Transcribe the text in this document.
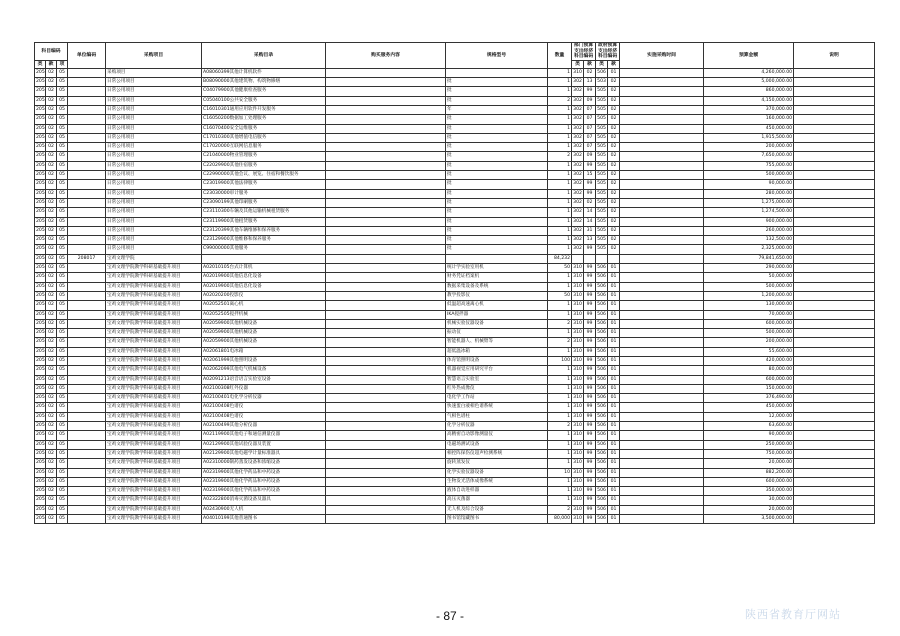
科目编码			单位编码	采购项目	采购目录	购买服务内容	规格型号	数量	部门预算支出经济科目编码		政府预算支出经济科目编码		实施采购时间	预算金额	说明
类	款	项							类	款	类	款			
205	02	05		采购项目	A08060399其他计算机软件			1	310	02	506	01		4,260,000.00	
205	02	05		日常公用项目	B08090000其他建筑物、构筑物修缮		批	1	302	13	503	02		5,000,000.00	
205	02	05		日常公用项目	C04079900其他健康检查服务		批	1	302	99	505	02		860,000.00	
205	02	05		日常公用项目	C05040100公共安全服务		批	2	302	09	505	02		4,150,000.00	
205	02	05		日常公用项目	C16010301通用应用软件开发服务		年	1	302	07	505	02		370,000.00	
205	02	05		日常公用项目	C16050200数据加工处理服务		批	1	302	07	505	02		160,000.00	
205	02	05		日常公用项目	C16070400安全运维服务		批	1	302	07	505	02		450,000.00	
205	02	05		日常公用项目	C17010300其他增值电信服务		批	1	302	07	505	02		1,915,500.00	
205	02	05		日常公用项目	C17020000互联网信息服务		批	1	302	07	505	02		200,000.00	
205	02	05		日常公用项目	C21040000物业管理服务		批	2	302	09	505	02		7,650,000.00	
205	02	05		日常公用项目	C22029900其他住宿服务		批	1	302	99	505	02		755,000.00	
205	02	05		日常公用项目	C22990000其他会议、展览、住宿和餐饮服务		批	1	302	15	505	02		500,000.00	
205	02	05		日常公用项目	C23019900其他法律服务		批	1	302	99	505	02		90,000.00	
205	02	05		日常公用项目	C23030000审计服务		批	1	302	99	505	02		280,000.00	
205	02	05		日常公用项目	C23090199其他印刷服务		批	1	302	02	505	02		1,275,000.00	
205	02	05		日常公用项目	C23110300车辆及其他运输机械租赁服务		批	1	302	14	505	02		1,274,500.00	
205	02	05		日常公用项目	C23119900其他租赁服务		批	1	302	14	505	02		900,000.00	
205	02	05		日常公用项目	C23120399其他车辆维修和保养服务		批	1	302	31	505	02		260,000.00	
205	02	05		日常公用项目	C23129900其他维修和保养服务		批	1	302	13	505	02		132,500.00	
205	02	05		日常公用项目	C99000000其他服务		批	1	302	99	505	02		2,325,000.00	
205	02	05	208017	宝鸡文理学院				84,232						79,841,650.00	
205	02	05		宝鸡文理学院教学科研基础提升项目	A02010105台式计算机		统计学实验室用机	50	310	99	506	01		290,000.00	
205	02	05		宝鸡文理学院教学科研基础提升项目	A02019900其他信息化设备		财务凭证档案机	1	310	99	506	01		50,000.00	
205	02	05		宝鸡文理学院教学科研基础提升项目	A02019900其他信息化设备		数据采集设备及系统	1	310	99	506	01		500,000.00	
205	02	05		宝鸡文理学院教学科研基础提升项目	A02020200投影仪		教学投影仪	50	310	99	506	01		1,200,000.00	
205	02	05		宝鸡文理学院教学科研基础提升项目	A02052501离心机		低温超高速离心机	1	310	99	506	01		130,000.00	
205	02	05		宝鸡文理学院教学科研基础提升项目	A02052505搅拌机械		IKA搅拌器	1	310	99	506	01		70,000.00	
205	02	05		宝鸡文理学院教学科研基础提升项目	A02059900其他机械设备		机械实验仪器设备	2	310	99	506	01		600,000.00	
205	02	05		宝鸡文理学院教学科研基础提升项目	A02059900其他机械设备		振动仪	1	310	99	506	01		500,000.00	
205	02	05		宝鸡文理学院教学科研基础提升项目	A02059900其他机械设备		智能机器人、机械臂等	2	310	99	506	01		200,000.00	
205	02	05		宝鸡文理学院教学科研基础提升项目	A02061801电冰箱		超低温冰箱	1	310	99	506	01		55,600.00	
205	02	05		宝鸡文理学院教学科研基础提升项目	A02061999其他照明设备		体育馆照明设备	100	310	99	506	01		420,000.00	
205	02	05		宝鸡文理学院教学科研基础提升项目	A02062099其他电气机械设备		机器视觉应用研究平台	1	310	99	506	01		80,000.00	
205	02	05		宝鸡文理学院教学科研基础提升项目	A02091213语音语言实验室设备		智慧语言实验室	1	310	99	506	01		600,000.00	
205	02	05		宝鸡文理学院教学科研基础提升项目	A02100308红外仪器		红外热成像仪	1	310	99	506	01		150,000.00	
205	02	05		宝鸡文理学院教学科研基础提升项目	A02100401电化学分析仪器		电化学工作站	1	310	99	506	01		376,490.00	
205	02	05		宝鸡文理学院教学科研基础提升项目	A02100408色谱仪		快速蛋白液相色谱系统	1	310	99	506	01		450,000.00	
205	02	05		宝鸡文理学院教学科研基础提升项目	A02100408色谱仪		气相色谱柱	1	310	99	506	01		12,000.00	
205	02	05		宝鸡文理学院教学科研基础提升项目	A02100499其他分析仪器		化学分析仪器	2	310	99	506	01		63,600.00	
205	02	05		宝鸡文理学院教学科研基础提升项目	A02119900其他电子和通信测量仪器		高精密自动影像测量仪	1	310	99	506	01		90,000.00	
205	02	05		宝鸡文理学院教学科研基础提升项目	A02129900其他试验仪器及装置		电磁场测试设备	1	310	99	506	01		250,000.00	
205	02	05		宝鸡文理学院教学科研基础提升项目	A02129900其他电磁学计量标准器具		相控阵探伤仪超声检测系统	1	310	99	506	01		750,000.00	
205	02	05		宝鸡文理学院教学科研基础提升项目	A02310000制药蒸发设备和浓缩设备		旋转蒸发仪	1	310	99	506	01		20,000.00	
205	02	05		宝鸡文理学院教学科研基础提升项目	A02319900其他化学药品和中药设备		化学实验仪器设备	10	310	99	506	01		882,200.00	
205	02	05		宝鸡文理学院教学科研基础提升项目	A02319900其他化学药品和中药设备		生物发光活体成像系统	1	310	99	506	01		600,000.00	
205	02	05		宝鸡文理学院教学科研基础提升项目	A02319900其他化学药品和中药设备		液体自动进样器	1	310	99	506	01		350,000.00	
205	02	05		宝鸡文理学院教学科研基础提升项目	A02322800消毒灭菌设备及器具		高压灭菌器	1	310	99	506	01		30,000.00	
205	02	05		宝鸡文理学院教学科研基础提升项目	A02430900无人机		无人机及综合设备	2	310	99	506	01		20,000.00	
205	02	05		宝鸡文理学院教学科研基础提升项目	A04010199其他普通图书		图书馆馆藏图书	80,000	310	99	506	01		3,500,000.00	
- 87 -	陕西省教育厅网站
